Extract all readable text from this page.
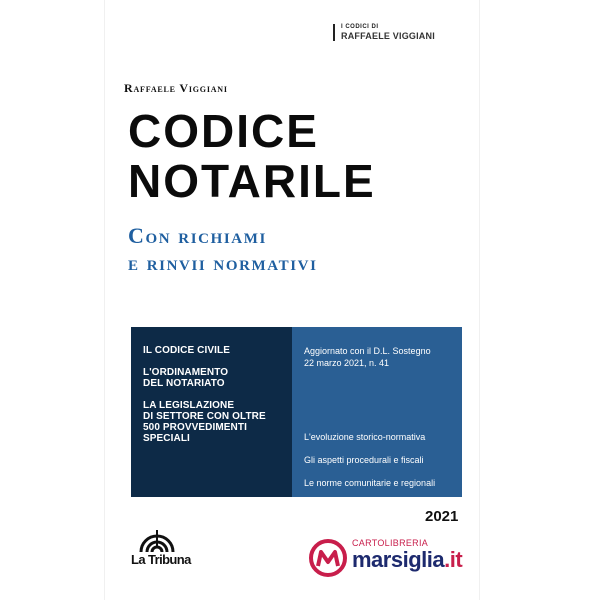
I CODICI DI
RAFFAELE VIGGIANI
Raffaele Viggiani
CODICE
NOTARILE
Con richiami
e rinvii normativi

IL CODICE CIVILE

L'ORDINAMENTO
DEL NOTARIATO

LA LEGISLAZIONE
DI SETTORE CON OLTRE
500 PROVVEDIMENTI
SPECIALI

Aggiornato con il D.L. Sostegno
22 marzo 2021, n. 41
L'evoluzione storico-normativa
Gli aspetti procedurali e fiscali
Le norme comunitarie e regionali
2021
La Tribuna
CARTOLIBRERIA
marsiglia.it
